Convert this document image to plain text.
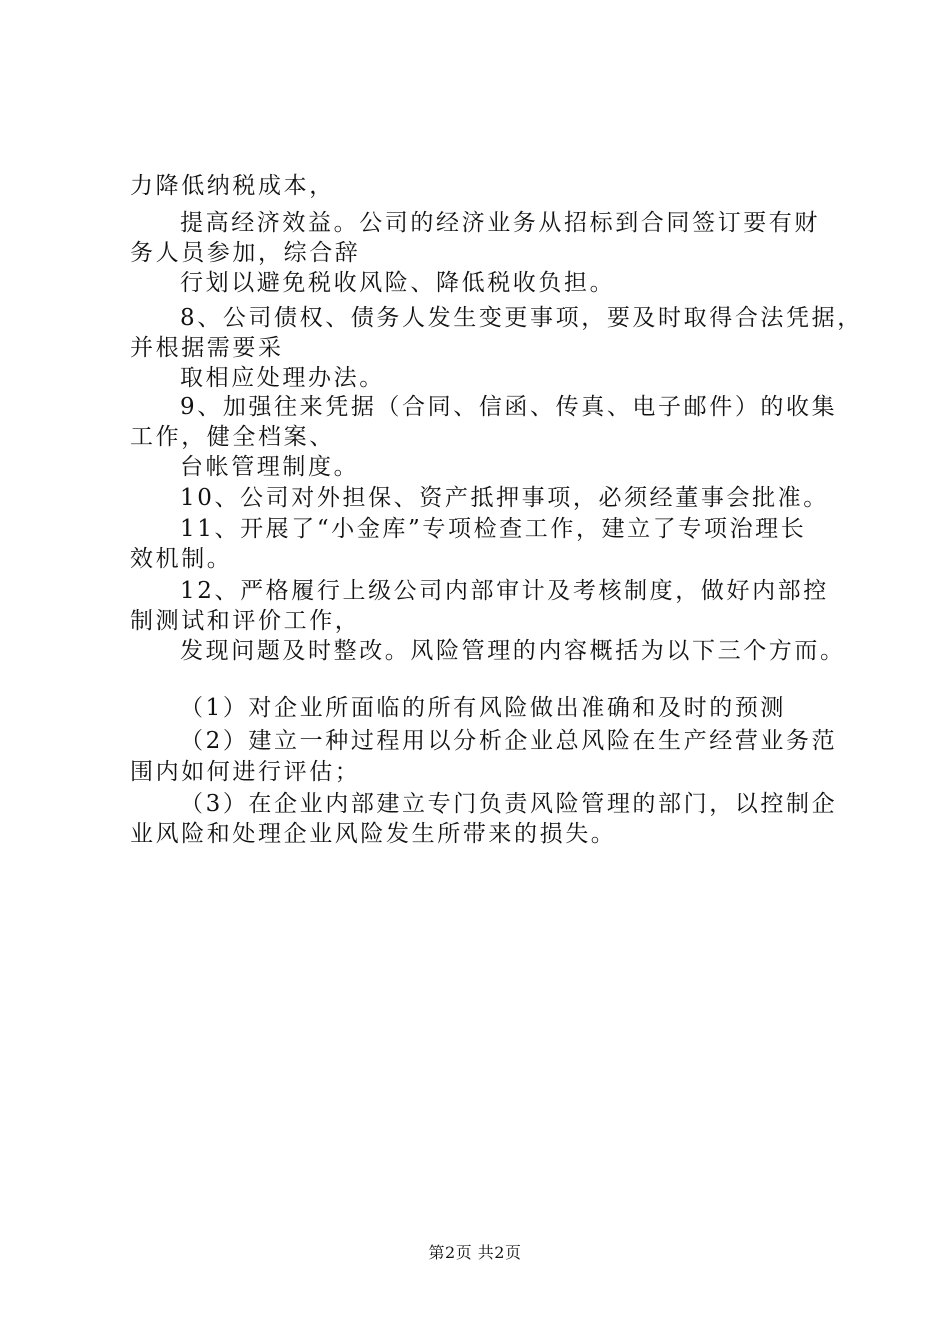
力降低纳税成本，
提高经济效益。公司的经济业务从招标到合同签订要有财
务人员参加，综合辞
行划以避免税收风险、降低税收负担。
8、公司债权、债务人发生变更事项，要及时取得合法凭据，
并根据需要采
取相应处理办法。
9、加强往来凭据（合同、信函、传真、电子邮件）的收集
工作，健全档案、
台帐管理制度。
10、公司对外担保、资产抵押事项，必须经董事会批准。
11、开展了“小金库”专项检查工作，建立了专项治理长
效机制。
12、严格履行上级公司内部审计及考核制度，做好内部控
制测试和评价工作，
发现问题及时整改。风险管理的内容概括为以下三个方而。
（1）对企业所面临的所有风险做出准确和及时的预测
（2）建立一种过程用以分析企业总风险在生产经营业务范
围内如何进行评估；
（3）在企业内部建立专门负责风险管理的部门，以控制企
业风险和处理企业风险发生所带来的损失。
第2页 共2页
